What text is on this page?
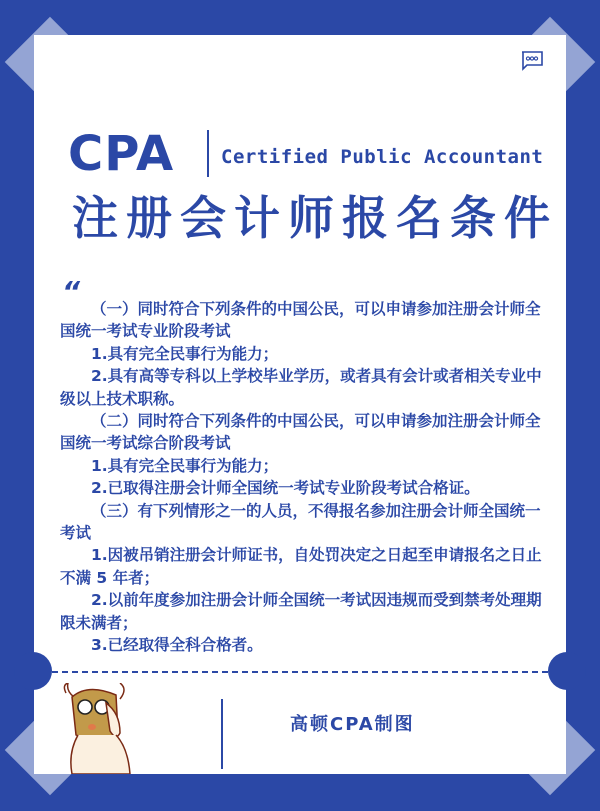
CPA Certified Public Accountant
注册会计师报名条件
“

（一）同时符合下列条件的中国公民，可以申请参加注册会计师全国统一考试专业阶段考试

1.具有完全民事行为能力；

2.具有高等专科以上学校毕业学历，或者具有会计或者相关专业中级以上技术职称。

（二）同时符合下列条件的中国公民，可以申请参加注册会计师全国统一考试综合阶段考试

1.具有完全民事行为能力；

2.已取得注册会计师全国统一考试专业阶段考试合格证。

（三）有下列情形之一的人员，不得报名参加注册会计师全国统一考试

1.因被吊销注册会计师证书，自处罚决定之日起至申请报名之日止不满 5 年者；

2.以前年度参加注册会计师全国统一考试因违规而受到禁考处理期限未满者；

3.已经取得全科合格者。

高顿CPA制图
